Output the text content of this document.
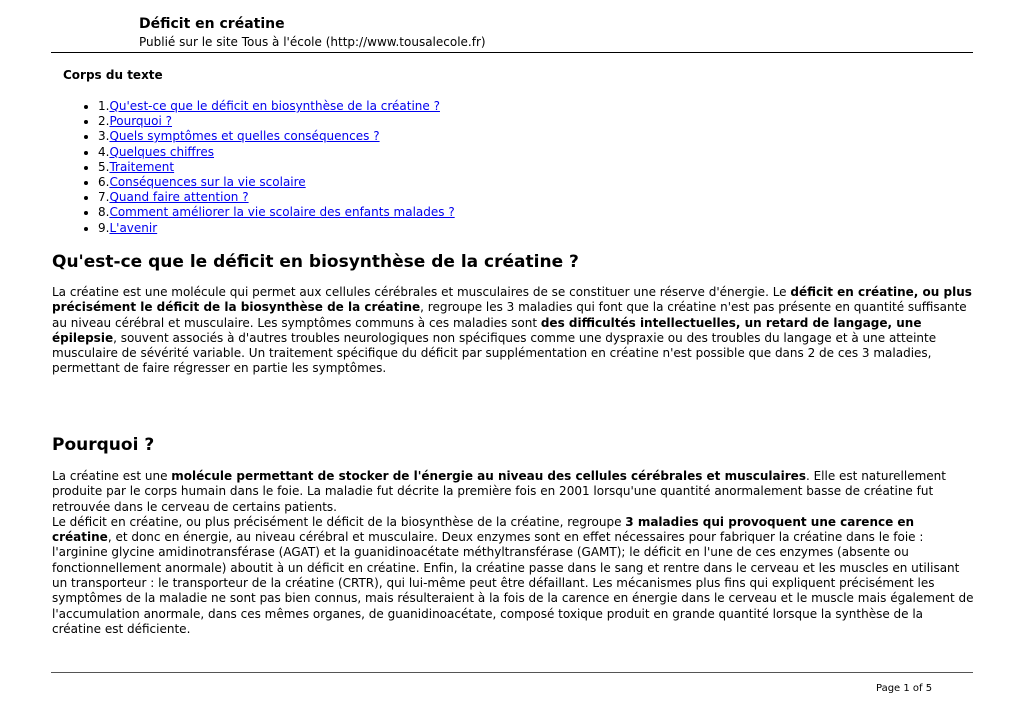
Déficit en créatine
Publié sur le site Tous à l'école (http://www.tousalecole.fr)
Corps du texte
• 1.Qu'est-ce que le déficit en biosynthèse de la créatine ?
• 2.Pourquoi ?
• 3.Quels symptômes et quelles conséquences ?
• 4.Quelques chiffres
• 5.Traitement
• 6.Conséquences sur la vie scolaire
• 7.Quand faire attention ?
• 8.Comment améliorer la vie scolaire des enfants malades ?
• 9.L'avenir
Qu'est-ce que le déficit en biosynthèse de la créatine ?

La créatine est une molécule qui permet aux cellules cérébrales et musculaires de se constituer une réserve d'énergie. Le déficit en créatine, ou plus précisément le déficit de la biosynthèse de la créatine, regroupe les 3 maladies qui font que la créatine n'est pas présente en quantité suffisante au niveau cérébral et musculaire. Les symptômes communs à ces maladies sont des difficultés intellectuelles, un retard de langage, une épilepsie, souvent associés à d'autres troubles neurologiques non spécifiques comme une dyspraxie ou des troubles du langage et à une atteinte musculaire de sévérité variable. Un traitement spécifique du déficit par supplémentation en créatine n'est possible que dans 2 de ces 3 maladies, permettant de faire régresser en partie les symptômes.

Pourquoi ?

La créatine est une molécule permettant de stocker de l'énergie au niveau des cellules cérébrales et musculaires. Elle est naturellement produite par le corps humain dans le foie. La maladie fut décrite la première fois en 2001 lorsqu'une quantité anormalement basse de créatine fut retrouvée dans le cerveau de certains patients.
Le déficit en créatine, ou plus précisément le déficit de la biosynthèse de la créatine, regroupe 3 maladies qui provoquent une carence en créatine, et donc en énergie, au niveau cérébral et musculaire. Deux enzymes sont en effet nécessaires pour fabriquer la créatine dans le foie : l'arginine glycine amidinotransférase (AGAT) et la guanidinoacétate méthyltransférase (GAMT); le déficit en l'une de ces enzymes (absente ou fonctionnellement anormale) aboutit à un déficit en créatine. Enfin, la créatine passe dans le sang et rentre dans le cerveau et les muscles en utilisant un transporteur : le transporteur de la créatine (CRTR), qui lui-même peut être défaillant. Les mécanismes plus fins qui expliquent précisément les symptômes de la maladie ne sont pas bien connus, mais résulteraient à la fois de la carence en énergie dans le cerveau et le muscle mais également de l'accumulation anormale, dans ces mêmes organes, de guanidinoacétate, composé toxique produit en grande quantité lorsque la synthèse de la créatine est déficiente.

Page 1 of 5
